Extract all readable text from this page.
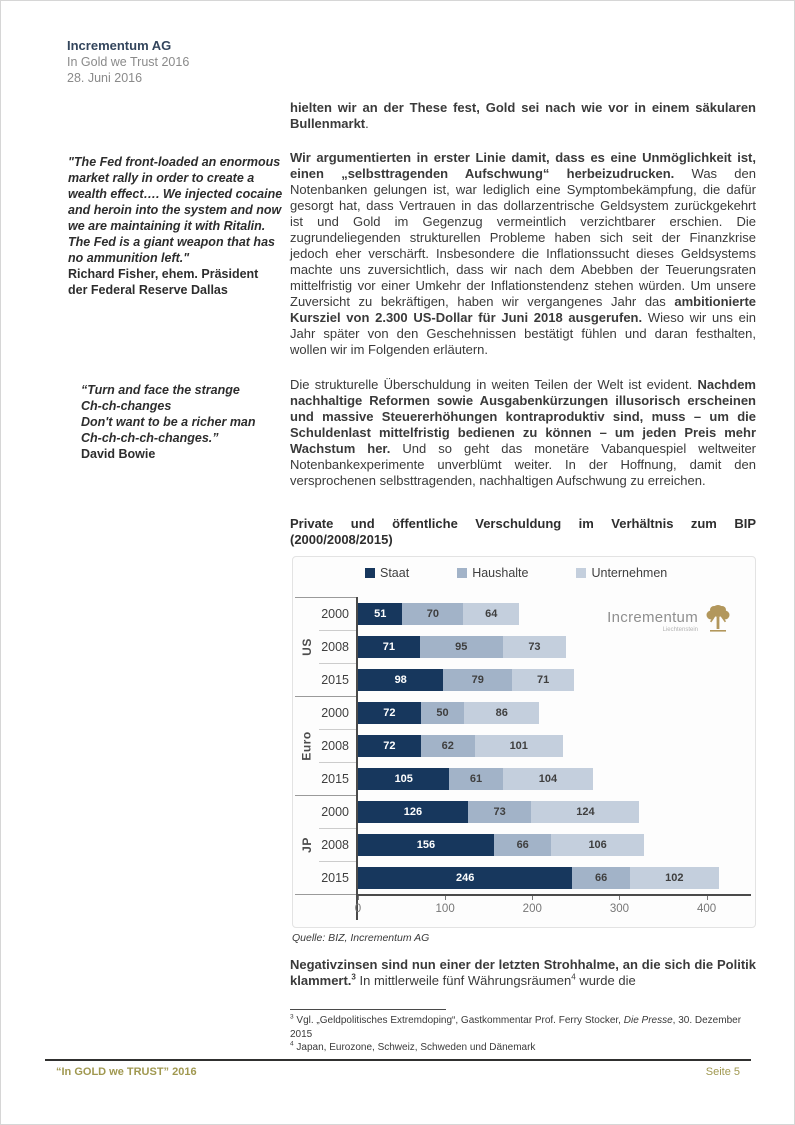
Incrementum AG
In Gold we Trust 2016
28. Juni 2016

hielten wir an der These fest, Gold sei nach wie vor in einem säkularen Bullenmarkt.

"The Fed front-loaded an enormous market rally in order to create a wealth effect…. We injected cocaine and heroin into the system and now we are maintaining it with Ritalin. The Fed is a giant weapon that has no ammunition left."
Richard Fisher, ehem. Präsident
der Federal Reserve Dallas

Wir argumentierten in erster Linie damit, dass es eine Unmöglichkeit ist, einen „selbsttragenden Aufschwung“ herbeizudrucken. Was den Notenbanken gelungen ist, war lediglich eine Symptombekämpfung, die dafür gesorgt hat, dass Vertrauen in das dollarzentrische Geldsystem zurückgekehrt ist und Gold im Gegenzug vermeintlich verzichtbarer erschien. Die zugrundeliegenden strukturellen Probleme haben sich seit der Finanzkrise jedoch eher verschärft. Insbesondere die Inflationssucht dieses Geldsystems machte uns zuversichtlich, dass wir nach dem Abebben der Teuerungsraten mittelfristig vor einer Umkehr der Inflationstendenz stehen würden. Um unsere Zuversicht zu bekräftigen, haben wir vergangenes Jahr das ambitionierte Kursziel von 2.300 US-Dollar für Juni 2018 ausgerufen. Wieso wir uns ein Jahr später von den Geschehnissen bestätigt fühlen und daran festhalten, wollen wir im Folgenden erläutern.

“Turn and face the strange
Ch-ch-changes
Don't want to be a richer man
Ch-ch-ch-ch-changes.”
David Bowie

Die strukturelle Überschuldung in weiten Teilen der Welt ist evident. Nachdem nachhaltige Reformen sowie Ausgabenkürzungen illusorisch erscheinen und massive Steuererhöhungen kontraproduktiv sind, muss – um die Schuldenlast mittelfristig bedienen zu können – um jeden Preis mehr Wachstum her. Und so geht das monetäre Vabanquespiel weltweiter Notenbankexperimente unverblümt weiter. In der Hoffnung, damit den versprochenen selbsttragenden, nachhaltigen Aufschwung zu erreichen.

Private und öffentliche Verschuldung im Verhältnis zum BIP (2000/2008/2015)
Staat	Haushalte	Unternehmen
Incrementum
Liechtenstein
US
2000	51	70	64
2008	71	95	73
2015	98	79	71
Euro
2000	72	50	86
2008	72	62	101
2015	105	61	104
JP
2000	126	73	124
2008	156	66	106
2015	246	66	102
0	100	200	300	400
Quelle: BIZ, Incrementum AG

Negativzinsen sind nun einer der letzten Strohhalme, an die sich die Politik klammert.$^3$ In mittlerweile fünf Währungsräumen$^4$ wurde die

$^3$ Vgl. „Geldpolitisches Extremdoping“, Gastkommentar Prof. Ferry Stocker, Die Presse, 30. Dezember 2015
$^4$ Japan, Eurozone, Schweiz, Schweden und Dänemark
“In GOLD we TRUST” 2016	Seite 5
